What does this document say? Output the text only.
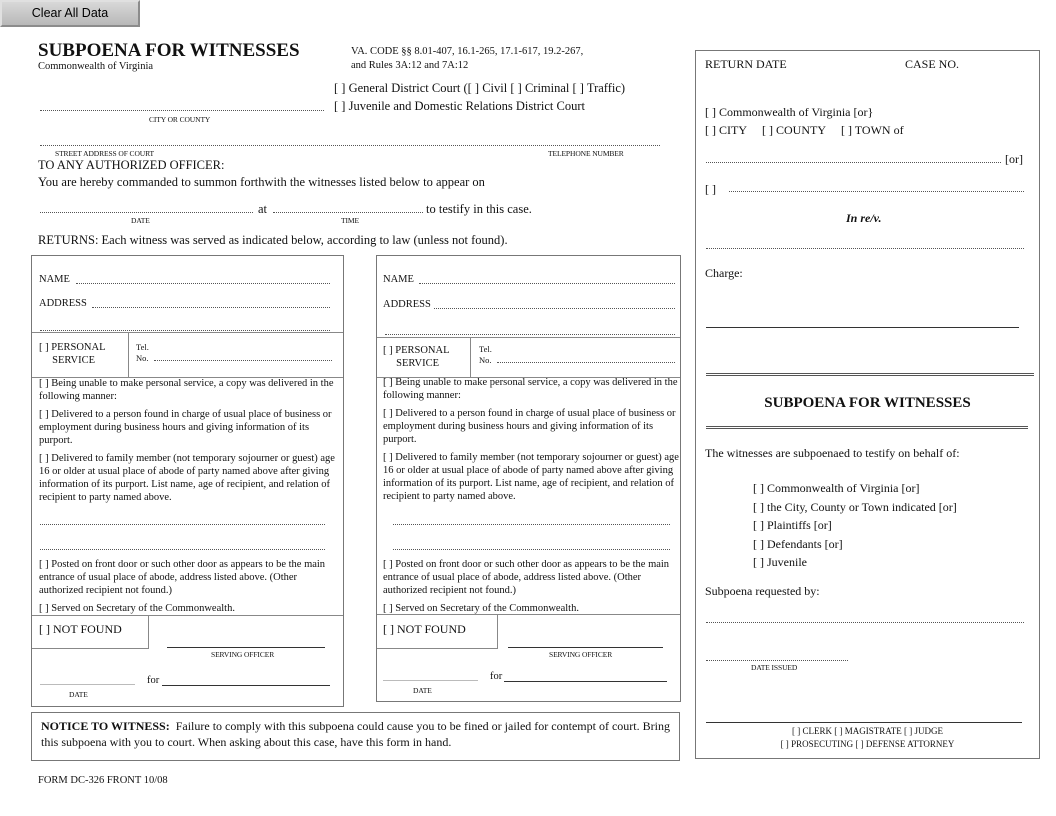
Clear All Data
SUBPOENA FOR WITNESSES
Commonwealth of Virginia
VA. CODE §§ 8.01-407, 16.1-265, 17.1-617, 19.2-267,
and Rules 3A:12 and 7A:12
[ ] General District Court ([ ] Civil [ ] Criminal [ ] Traffic)
[ ] Juvenile and Domestic Relations District Court
CITY OR COUNTY
STREET ADDRESS OF COURT	TELEPHONE NUMBER
TO ANY AUTHORIZED OFFICER:
You are hereby commanded to summon forthwith the witnesses listed below to appear on
at	to testify in this case.
DATE	TIME
RETURNS: Each witness was served as indicated below, according to law (unless not found).
NAME
ADDRESS
[ ] PERSONAL
SERVICE
Tel.
No.
[ ] Being unable to make personal service, a copy was delivered in the following manner:
[ ] Delivered to a person found in charge of usual place of business or employment during business hours and giving information of its purport.
[ ] Delivered to family member (not temporary sojourner or guest) age 16 or older at usual place of abode of party named above after giving information of its purport. List name, age of recipient, and relation of recipient to party named above.
[ ] Posted on front door or such other door as appears to be the main entrance of usual place of abode, address listed above. (Other authorized recipient not found.)
[ ] Served on Secretary of the Commonwealth.
[ ] NOT FOUND
SERVING OFFICER
DATE
for
NAME
ADDRESS
[ ] PERSONAL
SERVICE
Tel.
No.
[ ] Being unable to make personal service, a copy was delivered in the following manner:
[ ] Delivered to a person found in charge of usual place of business or employment during business hours and giving information of its purport.
[ ] Delivered to family member (not temporary sojourner or guest) age 16 or older at usual place of abode of party named above after giving information of its purport. List name, age of recipient, and relation of recipient to party named above.
[ ] Posted on front door or such other door as appears to be the main entrance of usual place of abode, address listed above. (Other authorized recipient not found.)
[ ] Served on Secretary of the Commonwealth.
[ ] NOT FOUND
SERVING OFFICER
DATE
for
NOTICE TO WITNESS: Failure to comply with this subpoena could cause you to be fined or jailed for contempt of court. Bring this subpoena with you to court. When asking about this case, have this form in hand.
FORM DC-326 FRONT 10/08
RETURN DATE	CASE NO.
[ ] Commonwealth of Virginia [or}
[ ] CITY [ ] COUNTY [ ] TOWN of
[or]
[ ]
In re/v.
Charge:
SUBPOENA FOR WITNESSES
The witnesses are subpoenaed to testify on behalf of:
[ ] Commonwealth of Virginia [or]
[ ] the City, County or Town indicated [or]
[ ] Plaintiffs [or]
[ ] Defendants [or]
[ ] Juvenile
Subpoena requested by:
DATE ISSUED
[ ] CLERK [ ] MAGISTRATE [ ] JUDGE
[ ] PROSECUTING [ ] DEFENSE ATTORNEY
